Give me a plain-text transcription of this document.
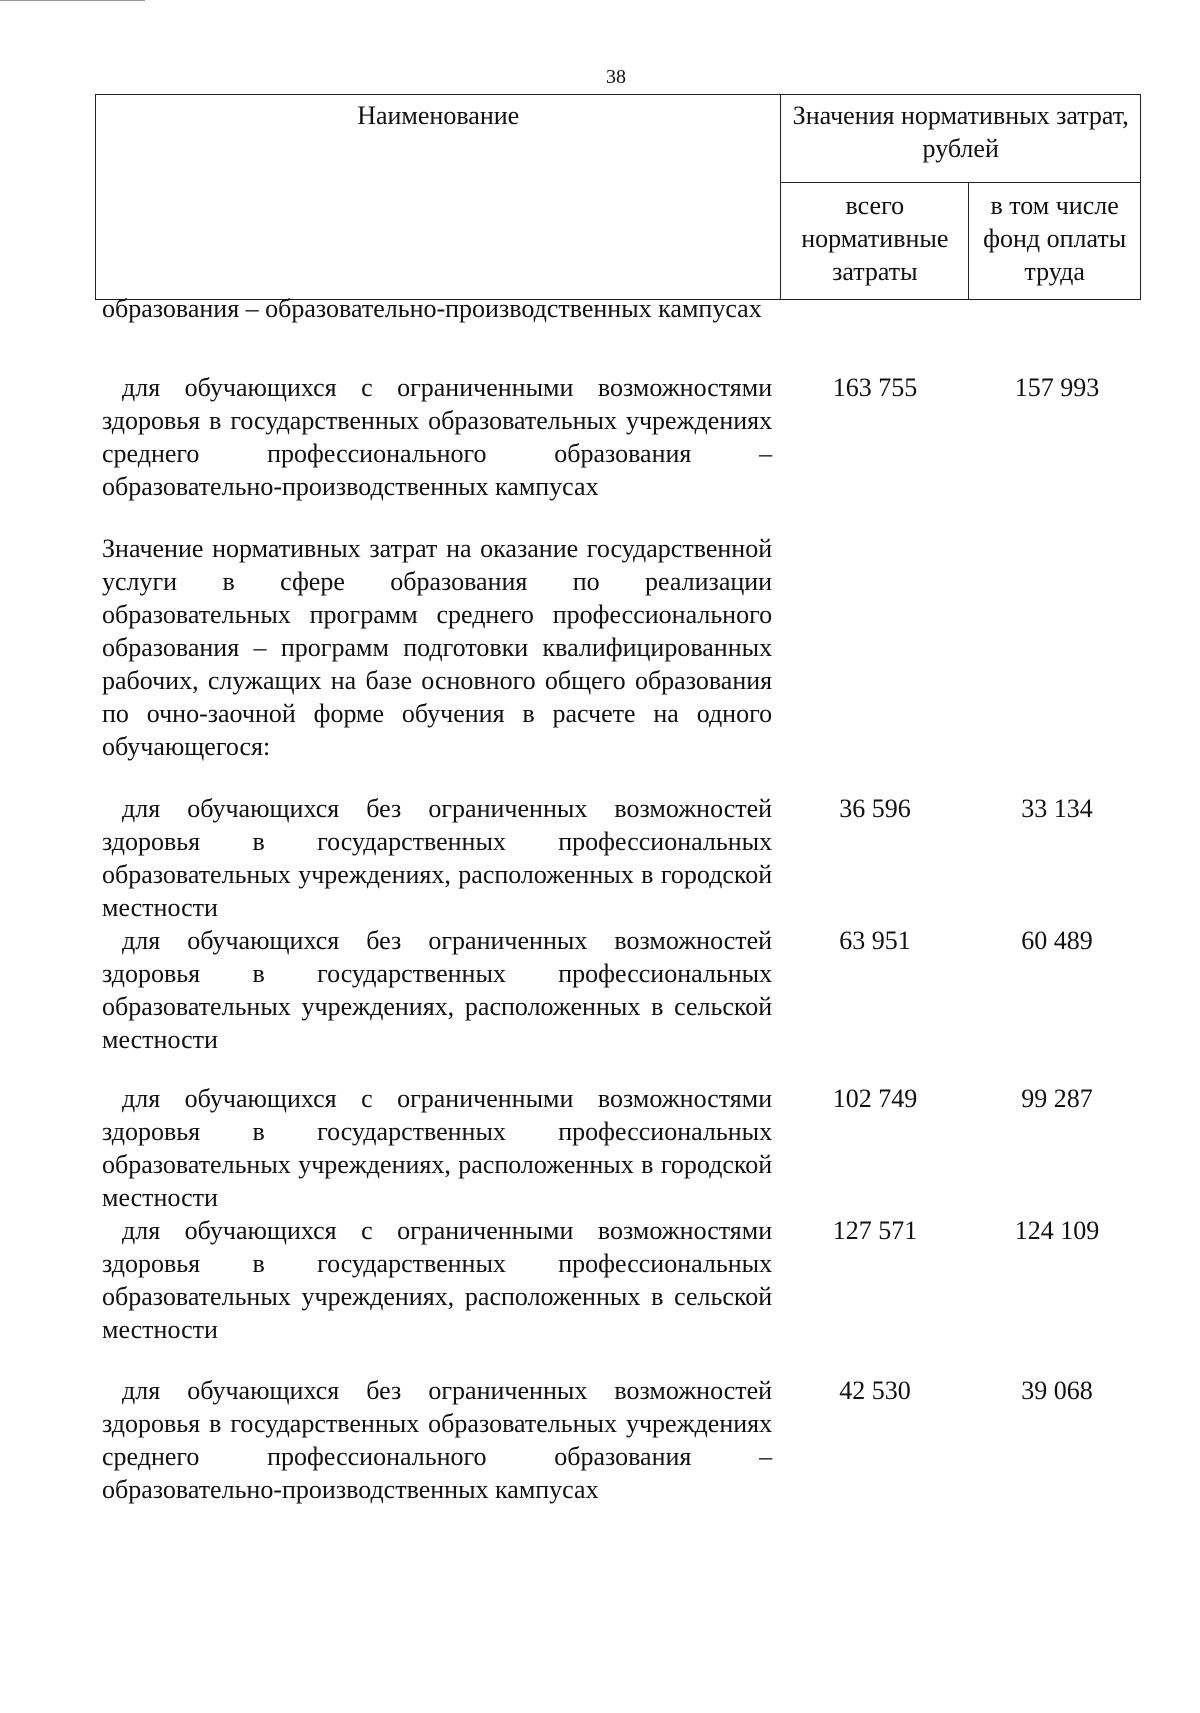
38
Наименование	Значения нормативных затрат, рублей	
	всего нормативные затраты	в том числе фонд оплаты труда
образования – образовательно-производственных кампусах
для обучающихся с ограниченными возможностями здоровья в государственных образовательных учреждениях среднего профессионального образования – образовательно-производственных кампусах
163 755	157 993
Значение нормативных затрат на оказание государственной услуги в сфере образования по реализации образовательных программ среднего профессионального образования – программ подготовки квалифицированных рабочих, служащих на базе основного общего образования по очно-заочной форме обучения в расчете на одного обучающегося:
для обучающихся без ограниченных возможностей здоровья в государственных профессиональных образовательных учреждениях, расположенных в городской местности
36 596	33 134
для обучающихся без ограниченных возможностей здоровья в государственных профессиональных образовательных учреждениях, расположенных в сельской местности
63 951	60 489
для обучающихся с ограниченными возможностями здоровья в государственных профессиональных образовательных учреждениях, расположенных в городской местности
102 749	99 287
для обучающихся с ограниченными возможностями здоровья в государственных профессиональных образовательных учреждениях, расположенных в сельской местности
127 571	124 109
для обучающихся без ограниченных возможностей здоровья в государственных образовательных учреждениях среднего профессионального образования – образовательно-производственных кампусах
42 530	39 068
